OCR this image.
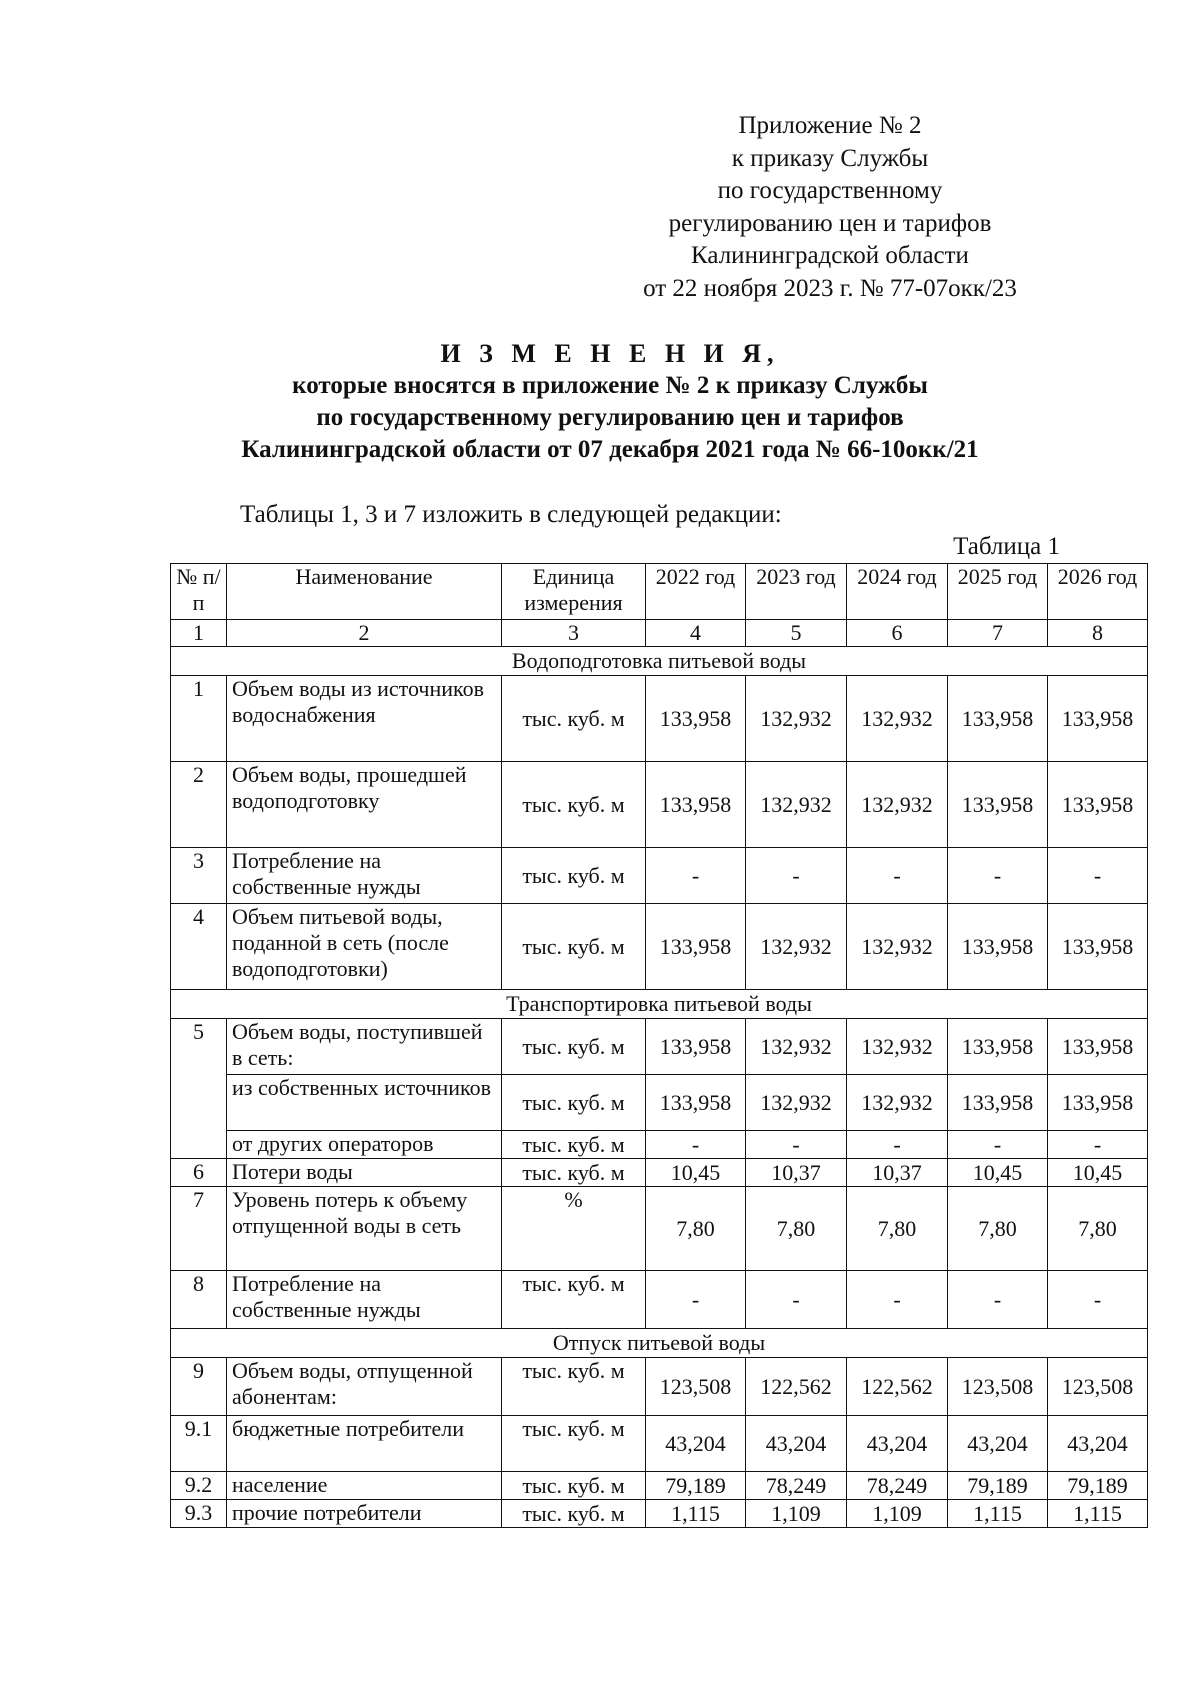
Приложение № 2
к приказу Службы
по государственному
регулированию цен и тарифов
Калининградской области
от 22 ноября 2023 г. № 77-07окк/23
И З М Е Н Е Н И Я,
которые вносятся в приложение № 2 к приказу Службы
по государственному регулированию цен и тарифов
Калининградской области от 07 декабря 2021 года № 66-10окк/21
Таблицы 1, 3 и 7 изложить в следующей редакции:
Таблица 1
№ п/п	Наименование	Единица измерения	2022 год	2023 год	2024 год	2025 год	2026 год
1	2	3	4	5	6	7	8
Водоподготовка питьевой воды							
1	Объем воды из источников водоснабжения	тыс. куб. м	133,958	132,932	132,932	133,958	133,958
2	Объем воды, прошедшей водоподготовку	тыс. куб. м	133,958	132,932	132,932	133,958	133,958
3	Потребление на собственные нужды	тыс. куб. м	-	-	-	-	-
4	Объем питьевой воды, поданной в сеть (после водоподготовки)	тыс. куб. м	133,958	132,932	132,932	133,958	133,958
Транспортировка питьевой воды							
5	Объем воды, поступившей в сеть:	тыс. куб. м	133,958	132,932	132,932	133,958	133,958
	из собственных источников	тыс. куб. м	133,958	132,932	132,932	133,958	133,958
	от других операторов	тыс. куб. м	-	-	-	-	-
6	Потери воды	тыс. куб. м	10,45	10,37	10,37	10,45	10,45
7	Уровень потерь к объему отпущенной воды в сеть	%	7,80	7,80	7,80	7,80	7,80
8	Потребление на собственные нужды	тыс. куб. м	-	-	-	-	-
Отпуск питьевой воды							
9	Объем воды, отпущенной абонентам:	тыс. куб. м	123,508	122,562	122,562	123,508	123,508
9.1	бюджетные потребители	тыс. куб. м	43,204	43,204	43,204	43,204	43,204
9.2	население	тыс. куб. м	79,189	78,249	78,249	79,189	79,189
9.3	прочие потребители	тыс. куб. м	1,115	1,109	1,109	1,115	1,115
